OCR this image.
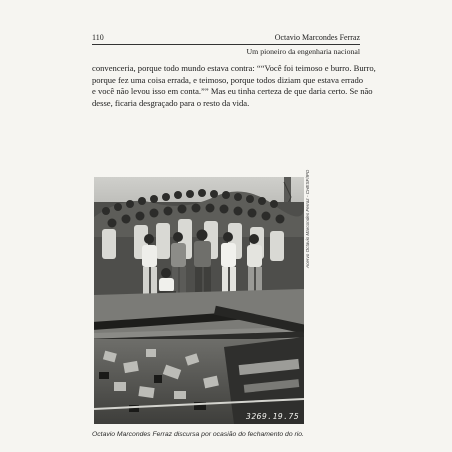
110	Octavio Marcondes Ferraz
Um pioneiro da engenharia nacional

convenceria, porque todo mundo estava contra: ““Você foi teimoso e burro. Burro,
porque fez uma coisa errada, e teimoso, porque todos diziam que estava errado
e você não levou isso em conta.”” Mas eu tinha certeza de que daria certo. Se não
desse, ficaria desgraçado para o resto da vida.

Acervo Octavio Marcondes Ferraz - CHESF/IPD
3269.19.75
Octavio Marcondes Ferraz discursa por ocasião do fechamento do rio.
